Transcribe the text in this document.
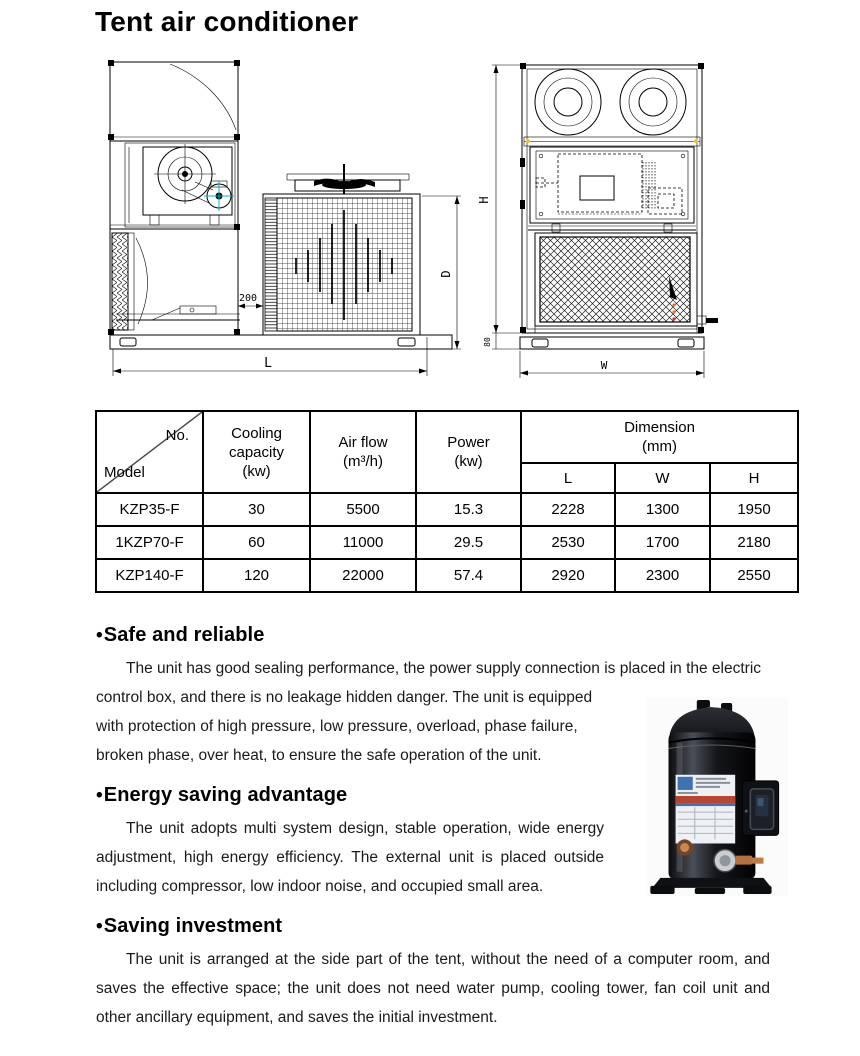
Tent air conditioner
200
D
L
H
80
W
No.
Model

Cooling
capacity
(kw)

Air flow
(m³/h)

Power
(kw)

Dimension
(mm)

				L	W	H
KZP35-F	30	5500	15.3	2228	1300	1950
1KZP70-F	60	11000	29.5	2530	1700	2180
KZP140-F	120	22000	57.4	2920	2300	2550
•Safe and reliable

The unit has good sealing performance, the power supply connection is placed in the electric control box, and there is no leakage hidden danger. The unit is equipped with protection of high pressure, low pressure, overload, phase failure, broken phase, over heat, to ensure the safe operation of the unit.

•Energy saving advantage

The unit adopts multi system design, stable operation, wide energy adjustment, high energy efficiency. The external unit is placed outside including compressor, low indoor noise, and occupied small area.

•Saving investment

The unit is arranged at the side part of the tent, without the need of a computer room, and saves the effective space; the unit does not need water pump, cooling tower, fan coil unit and other ancillary equipment, and saves the initial investment.
